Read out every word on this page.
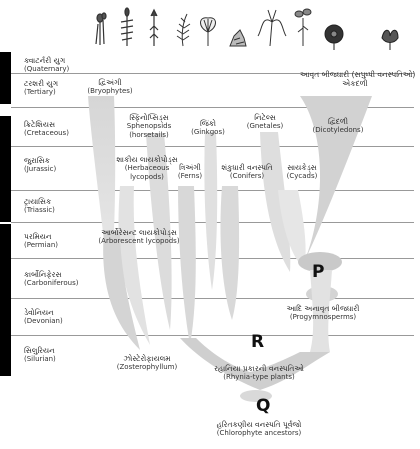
ક્વાટર્નરી યુગ
(Quaternary)
ટરશરી યુગ
(Tertiary)
ક્રિટેશિયસ
(Cretaceous)
જુરાસિક
(Jurassic)
ટ્રાયાસિક
(Triassic)
પરમિયન
(Permian)
કાર્બોનિફેરસ
(Carboniferous)
ડેવોનિયન
(Devonian)
સિલુરિયન
(Silurian)
દ્વિઅંગી
(Bryophytes)
આવૃત બીજધારી (સપુષ્પી વનસ્પતિઓ)
એકદળી
સ્ફિનોપ્સિડ્સ
Sphenopsids
(horsetails)
જિંકો
(Ginkgos)
નિટેલ્સ
(Gnetales)	દ્વિદળી
(Dicotyledons)
શાકીય લાયકોપોડ્સ
(Herbaceous
lycopods)
ત્રિઅંગી
(Ferns)
શંકુધારી વનસ્પતિ
(Conifers)
સાયકેડ્સ
(Cycads)
આર્બોરેસન્ટ લાયકોપોડ્સ
(Arborescent lycopods)
P
આદિ અનાવૃત બીજધારી
(Progymnosperms)
R
ઝોસ્ટેરોફાયલમ
(Zosterophyllum)	રહાનિયા પ્રકારની વનસ્પતિઓ
(Rhynia-type plants)
Q
હરિતકણીય વનસ્પતિ પૂર્વજો
(Chlorophyte ancestors)
